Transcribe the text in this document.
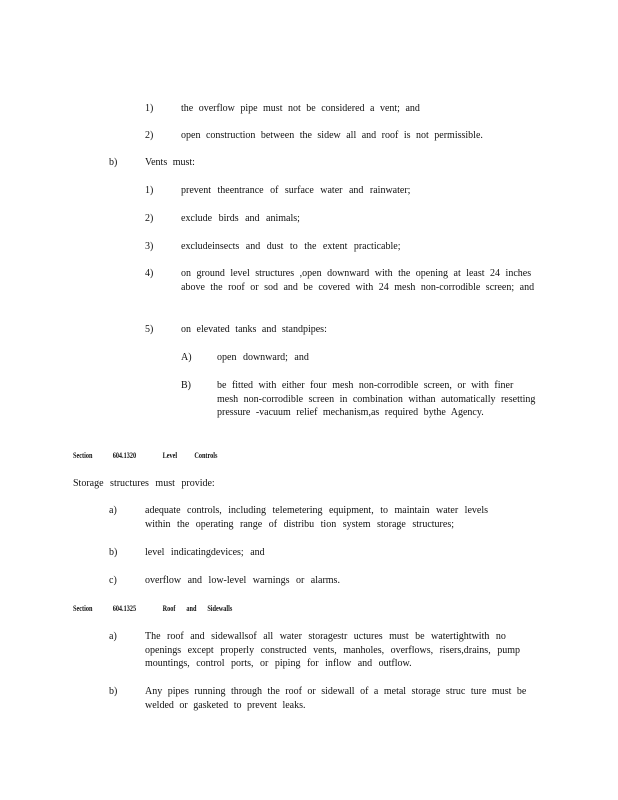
1)	the overflow pipe must not be considered a vent; and
2)	open construction between the sidew all and roof is not permissible.
b)	Vents must:
1)	prevent theentrance of surface water and rainwater;
2)	exclude birds and animals;
3)	excludeinsects and dust to the extent practicable;
4)	on ground level structures ,open downward with the opening at least 24 inches above the roof or sod and be covered with 24 mesh non-corrodible screen; and
5)	on elevated tanks and standpipes:
A)	open downward; and
B)	be fitted with either four mesh non-corrodible screen, or with finer mesh non-corrodible screen in combination withan automatically resetting pressure -vacuum relief mechanism,as required bythe Agency.
Section	604.1320	Level Controls
Storage structures must provide:
a)	adequate controls, including telemetering equipment, to maintain water levels within the operating range of distribu tion system storage structures;
b)	level indicatingdevices; and
c)	overflow and low-level warnings or alarms.
Section	604.1325	Roof and Sidewalls
a)	The roof and sidewallsof all water storagestr uctures must be watertightwith no openings except properly constructed vents, manholes, overflows, risers,drains, pump mountings, control ports, or piping for inflow and outflow.
b)	Any pipes running through the roof or sidewall of a metal storage struc ture must be welded or gasketed to prevent leaks.
